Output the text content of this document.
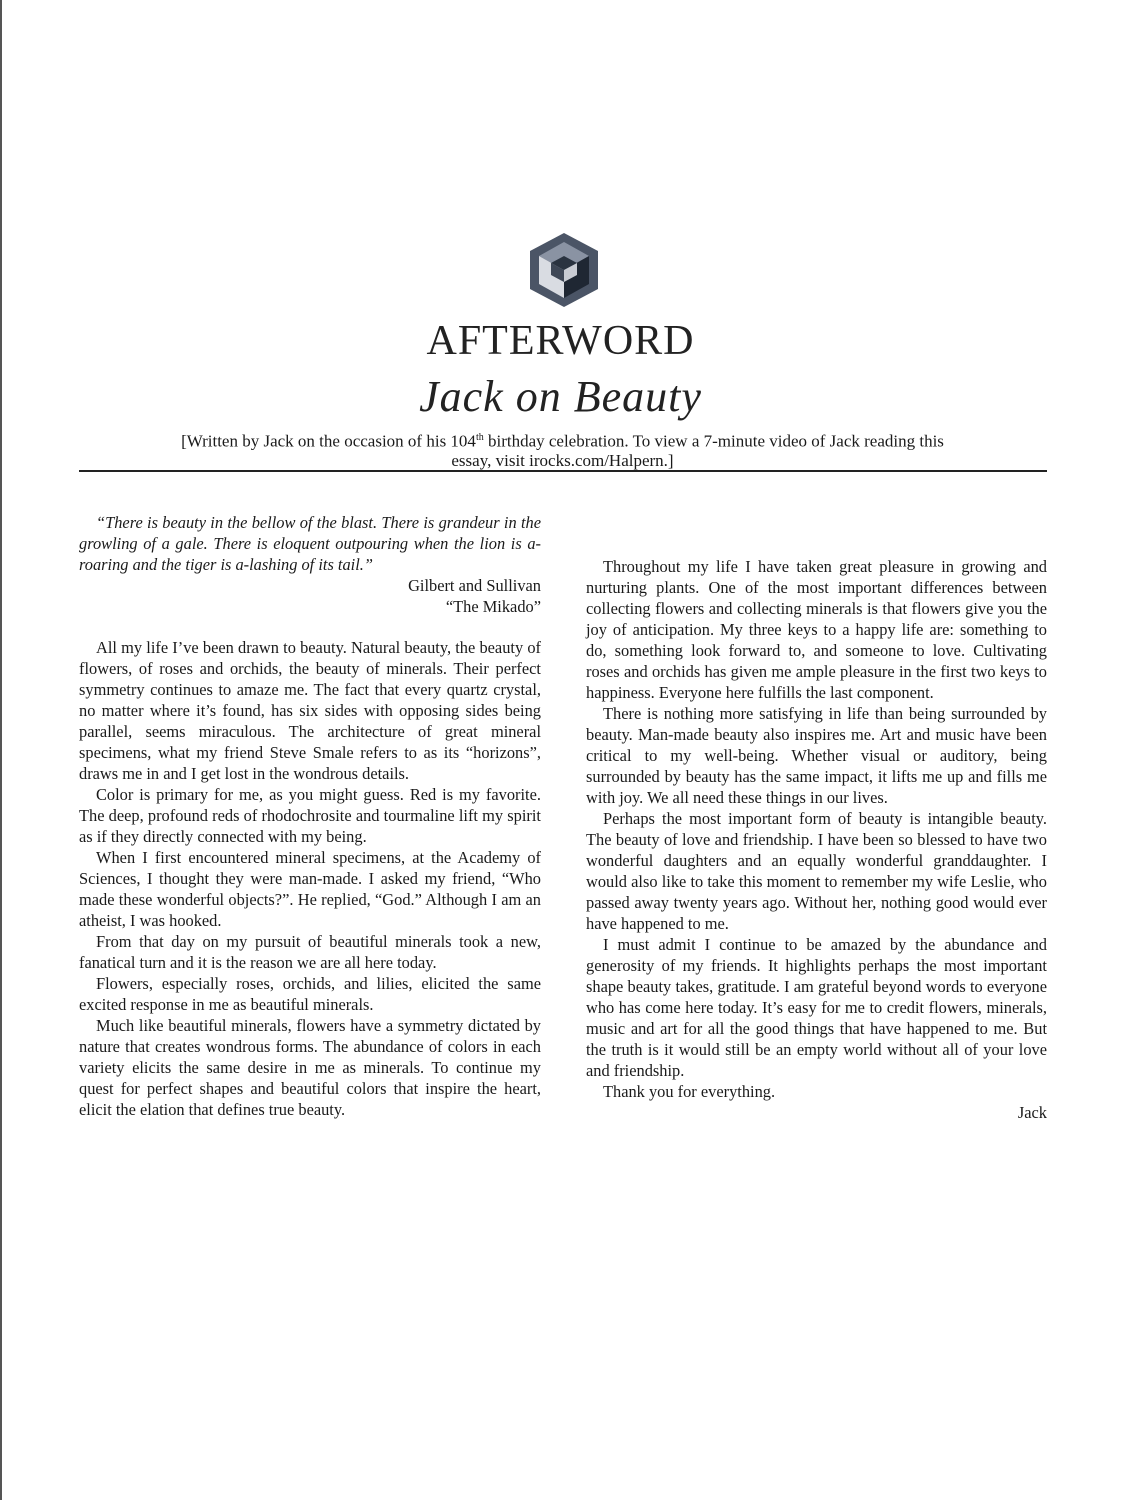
AFTERWORD
Jack on Beauty
[Written by Jack on the occasion of his 104th birthday celebration. To view a 7-minute video of Jack reading this essay, visit irocks.com/Halpern.]

“There is beauty in the bellow of the blast. There is grandeur in the growling of a gale. There is eloquent outpouring when the lion is a-roaring and the tiger is a-lashing of its tail.”

Gilbert and Sullivan

“The Mikado”

All my life I’ve been drawn to beauty. Natural beauty, the beauty of flowers, of roses and orchids, the beauty of minerals. Their perfect symmetry continues to amaze me. The fact that every quartz crystal, no matter where it’s found, has six sides with opposing sides being parallel, seems miraculous. The architecture of great mineral specimens, what my friend Steve Smale refers to as its “horizons”, draws me in and I get lost in the wondrous details.

Color is primary for me, as you might guess. Red is my favorite. The deep, profound reds of rhodochrosite and tourmaline lift my spirit as if they directly connected with my being.

When I first encountered mineral specimens, at the Academy of Sciences, I thought they were man-made. I asked my friend, “Who made these wonderful objects?”. He replied, “God.” Although I am an atheist, I was hooked.

From that day on my pursuit of beautiful minerals took a new, fanatical turn and it is the reason we are all here today.

Flowers, especially roses, orchids, and lilies, elicited the same excited response in me as beautiful minerals.

Much like beautiful minerals, flowers have a symmetry dictated by nature that creates wondrous forms. The abundance of colors in each variety elicits the same desire in me as minerals. To continue my quest for perfect shapes and beautiful colors that inspire the heart, elicit the elation that defines true beauty.

Throughout my life I have taken great pleasure in growing and nurturing plants. One of the most important differences between collecting flowers and collecting minerals is that flowers give you the joy of anticipation. My three keys to a happy life are: something to do, something look forward to, and someone to love. Cultivating roses and orchids has given me ample pleasure in the first two keys to happiness. Everyone here fulfills the last component.

There is nothing more satisfying in life than being surrounded by beauty. Man-made beauty also inspires me. Art and music have been critical to my well-being. Whether visual or auditory, being surrounded by beauty has the same impact, it lifts me up and fills me with joy. We all need these things in our lives.

Perhaps the most important form of beauty is intangible beauty. The beauty of love and friendship. I have been so blessed to have two wonderful daughters and an equally wonderful granddaughter. I would also like to take this moment to remember my wife Leslie, who passed away twenty years ago. Without her, nothing good would ever have happened to me.

I must admit I continue to be amazed by the abundance and generosity of my friends. It highlights perhaps the most important shape beauty takes, gratitude. I am grateful beyond words to everyone who has come here today. It’s easy for me to credit flowers, minerals, music and art for all the good things that have happened to me. But the truth is it would still be an empty world without all of your love and friendship.

Thank you for everything.

Jack
